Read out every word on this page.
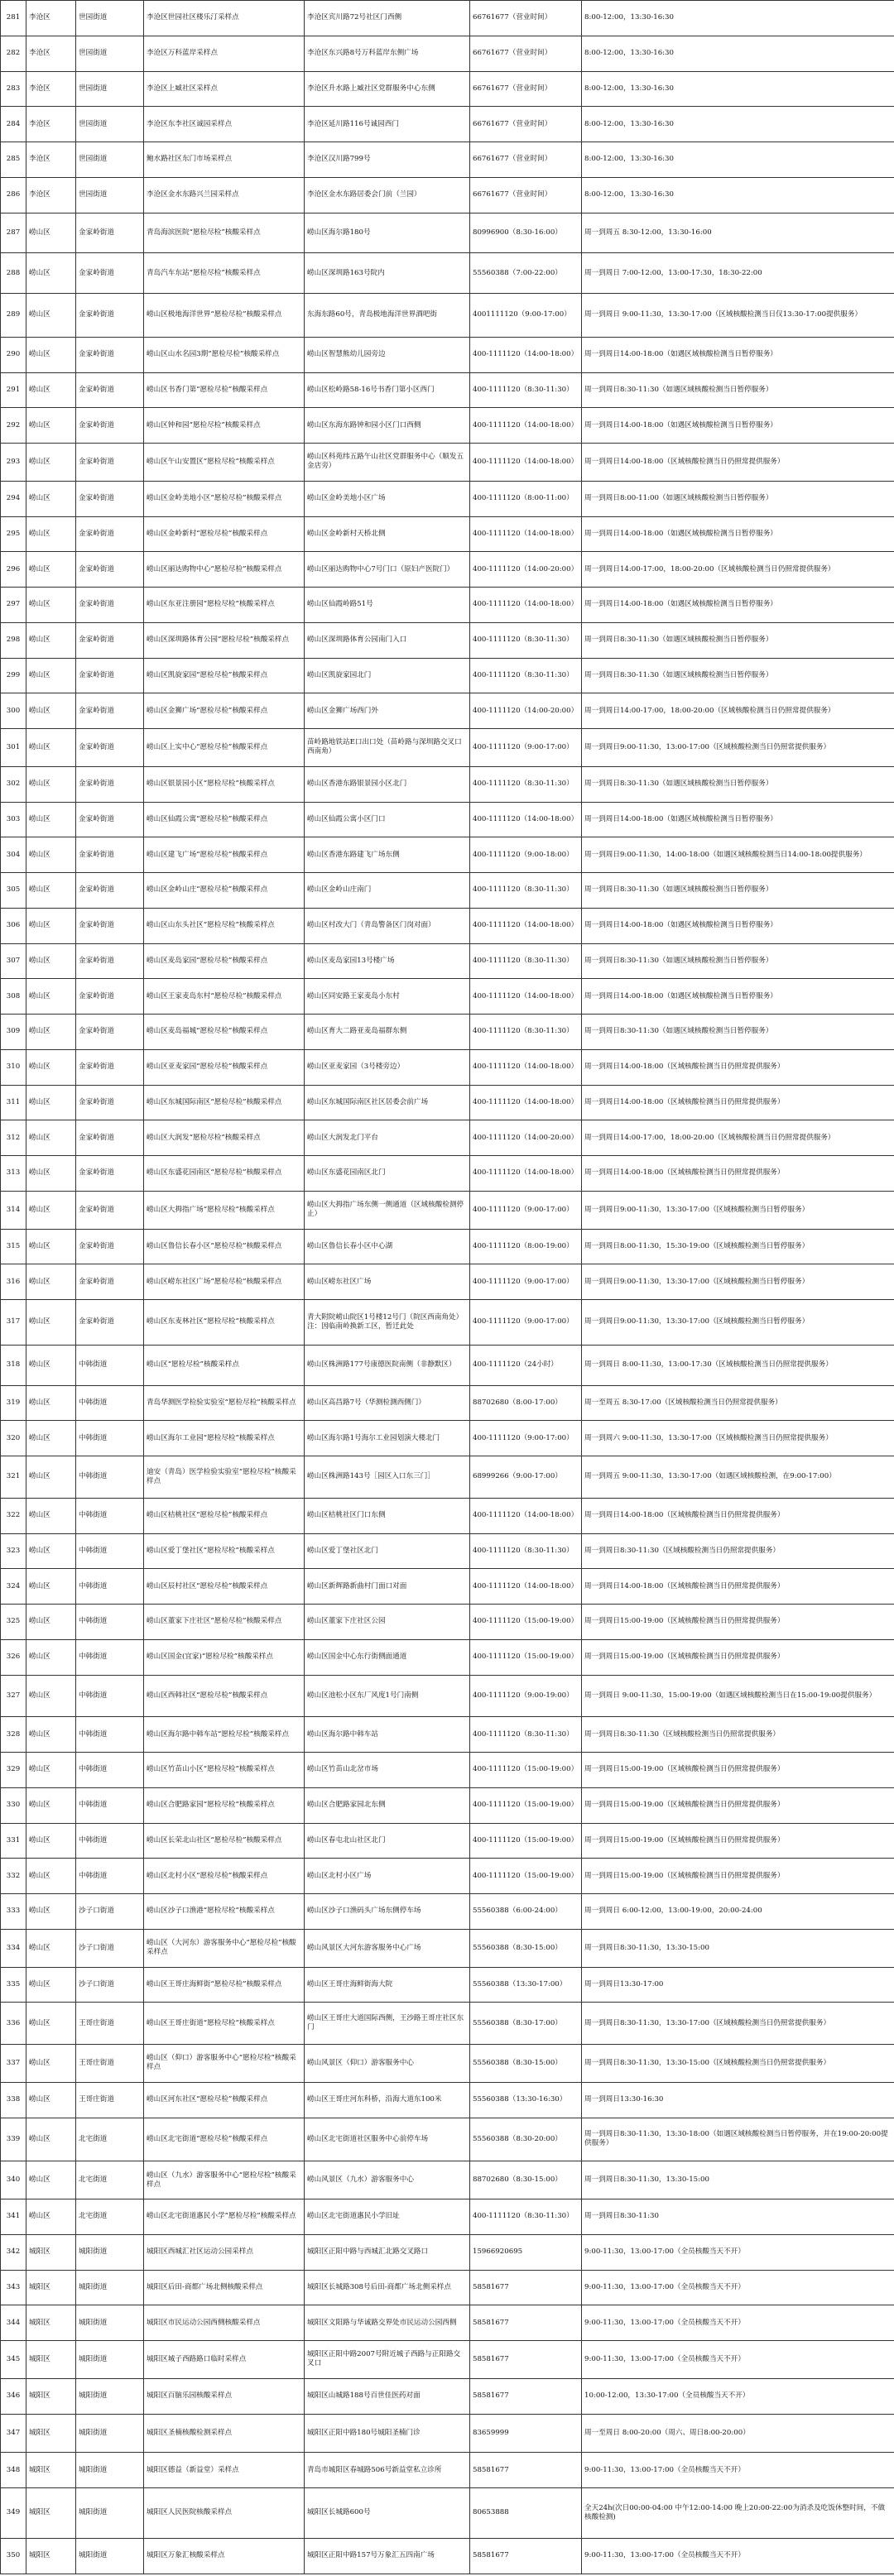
281	李沧区	世园街道	李沧区世园社区楼乐汀采样点	李沧区宾川路72号社区门西侧	66761677（营业时间）	8:00-12:00，13:30-16:30
282	李沧区	世园街道	李沧区万科蓝岸采样点	李沧区东兴路8号万科蓝岸东侧广场	66761677（营业时间）	8:00-12:00，13:30-16:30
283	李沧区	世园街道	李沧区上臧社区采样点	李沧区升水路上臧社区党群服务中心东侧	66761677（营业时间）	8:00-12:00，13:30-16:30
284	李沧区	世园街道	李沧区东李社区诚园采样点	李沧区延川路116号诚园西门	66761677（营业时间）	8:00-12:00，13:30-16:30
285	李沧区	世园街道	鲍水路社区东门市场采样点	李沧区汉川路799号	66761677（营业时间）	8:00-12:00，13:30-16:30
286	李沧区	世园街道	李沧区金水东路兴兰园采样点	李沧区金水东路居委会门前（兰园）	66761677（营业时间）	8:00-12:00，13:30-16:30
287	崂山区	金家岭街道	青岛海滨医院“愿检尽检”核酸采样点	崂山区海尔路180号	80996900（8:30-16:00）	周一到周五 8:30-12:00，13:30-16:00
288	崂山区	金家岭街道	青岛汽车东站“愿检尽检”核酸采样点	崂山区深圳路163号院内	55560388（7:00-22:00）	周一到周日 7:00-12:00，13:00-17:30，18:30-22:00
289	崂山区	金家岭街道	崂山区极地海洋世界“愿检尽检”核酸采样点	东海东路60号，青岛极地海洋世界酒吧街	4001111120（9:00-17:00）	周一到周日 9:00-11:30，13:30-17:00（区域核酸检测当日仅13:30-17:00提供服务）
290	崂山区	金家岭街道	崂山区山水名园3期“愿检尽检”核酸采样点	崂山区智慧熊幼儿园旁边	400-1111120（14:00-18:00）	周一到周日14:00-18:00（如遇区域核酸检测当日暂停服务）
291	崂山区	金家岭街道	崂山区书香门第“愿检尽检”核酸采样点	崂山区松岭路58-16号书香门第小区西门	400-1111120（8:30-11:30）	周一到周日8:30-11:30（如遇区域核酸检测当日暂停服务）
292	崂山区	金家岭街道	崂山区钟和园“愿检尽检”核酸采样点	崂山区东海东路钟和园小区门口西侧	400-1111120（14:00-18:00）	周一到周日14:00-18:00（如遇区域核酸检测当日暂停服务）
293	崂山区	金家岭街道	崂山区午山安置区“愿检尽检”核酸采样点	崂山区科苑纬五路午山社区党群服务中心（顺发五金店旁）	400-1111120（14:00-18:00）	周一到周日14:00-18:00（区域核酸检测当日仍照常提供服务）
294	崂山区	金家岭街道	崂山区金岭美地小区“愿检尽检”核酸采样点	崂山区金岭美地小区广场	400-1111120（8:00-11:00）	周一到周日8:00-11:00（如遇区域核酸检测当日暂停服务）
295	崂山区	金家岭街道	崂山区金岭新村“愿检尽检”核酸采样点	崂山区金岭新村天桥北侧	400-1111120（14:00-18:00）	周一到周日14:00-18:00（如遇区域核酸检测当日暂停服务）
296	崂山区	金家岭街道	崂山区丽达购物中心“愿检尽检”核酸采样点	崂山区丽达购物中心7号门口（原妇产医院门）	400-1111120（14:00-20:00）	周一到周日14:00-17:00，18:00-20:00（区域核酸检测当日仍照常提供服务）
297	崂山区	金家岭街道	崂山区东亚注册园“愿检尽检”核酸采样点	崂山区仙霞岭路51号	400-1111120（14:00-18:00）	周一到周日14:00-18:00（如遇区域核酸检测当日暂停服务）
298	崂山区	金家岭街道	崂山区深圳路体育公园“愿检尽检”核酸采样点	崂山区深圳路体育公园南门入口	400-1111120（8:30-11:30）	周一到周日8:30-11:30（如遇区域核酸检测当日暂停服务）
299	崂山区	金家岭街道	崂山区凯旋家园“愿检尽检”核酸采样点	崂山区凯旋家园北门	400-1111120（8:30-11:30）	周一到周日8:30-11:30（如遇区域核酸检测当日暂停服务）
300	崂山区	金家岭街道	崂山区金狮广场“愿检尽检”核酸采样点	崂山区金狮广场西门外	400-1111120（14:00-20:00）	周一到周日14:00-17:00，18:00-20:00（区域核酸检测当日仍照常提供服务）
301	崂山区	金家岭街道	崂山区上实中心“愿检尽检”核酸采样点	苗岭路地铁站E口出口处（苗岭路与深圳路交叉口西南角）	400-1111120（9:00-17:00）	周一到周日9:00-11:30，13:00-17:00（区域核酸检测当日仍照常提供服务）
302	崂山区	金家岭街道	崂山区银景园小区“愿检尽检”核酸采样点	崂山区香港东路银景园小区北门	400-1111120（8:30-11:30）	周一到周日8:30-11:30（如遇区域核酸检测当日暂停服务）
303	崂山区	金家岭街道	崂山区仙霞公寓“愿检尽检”核酸采样点	崂山区仙霞公寓小区门口	400-1111120（14:00-18:00）	周一到周日14:00-18:00（如遇区域核酸检测当日暂停服务）
304	崂山区	金家岭街道	崂山区建飞广场“愿检尽检”核酸采样点	崂山区香港东路建飞广场东侧	400-1111120（9:00-18:00）	周一到周日9:00-11:30，14:00-18:00（如遇区域核酸检测当日14:00-18:00提供服务）
305	崂山区	金家岭街道	崂山区金岭山庄“愿检尽检”核酸采样点	崂山区金岭山庄南门	400-1111120（8:30-11:30）	周一到周日8:30-11:30（如遇区域核酸检测当日暂停服务）
306	崂山区	金家岭街道	崂山区山东头社区“愿检尽检”核酸采样点	崂山区村改大门（青岛警备区门岗对面）	400-1111120（14:00-18:00）	周一到周日14:00-18:00（如遇区域核酸检测当日暂停服务）
307	崂山区	金家岭街道	崂山区麦岛家园“愿检尽检”核酸采样点	崂山区麦岛家园13号楼广场	400-1111120（8:30-11:30）	周一到周日8:30-11:30（如遇区域核酸检测当日暂停服务）
308	崂山区	金家岭街道	崂山区王家麦岛东村“愿检尽检”核酸采样点	崂山区同安路王家麦岛小东村	400-1111120（14:00-18:00）	周一到周日14:00-18:00（如遇区域核酸检测当日暂停服务）
309	崂山区	金家岭街道	崂山区麦岛福城“愿检尽检”核酸采样点	崂山区育大二路亚麦岛福群东侧	400-1111120（8:30-11:30）	周一到周日8:30-11:30（如遇区域核酸检测当日暂停服务）
310	崂山区	金家岭街道	崂山区亚麦家园“愿检尽检”核酸采样点	崂山区亚麦家园（3号楼旁边）	400-1111120（14:00-18:00）	周一到周日14:00-18:00（区域核酸检测当日仍照常提供服务）
311	崂山区	金家岭街道	崂山区东城国际南区“愿检尽检”核酸采样点	崂山区东城国际南区社区居委会前广场	400-1111120（14:00-18:00）	周一到周日14:00-18:00（区域核酸检测当日仍照常提供服务）
312	崂山区	金家岭街道	崂山区大润发“愿检尽检”核酸采样点	崂山区大润发北门平台	400-1111120（14:00-20:00）	周一到周日14:00-17:00，18:00-20:00（区域核酸检测当日仍照常提供服务）
313	崂山区	金家岭街道	崂山区东盛花园南区“愿检尽检”核酸采样点	崂山区东盛花园南区北门	400-1111120（14:00-18:00）	周一到周日14:00-18:00（区域核酸检测当日仍照常提供服务）
314	崂山区	金家岭街道	崂山区大拇指广场“愿检尽检”核酸采样点	崂山区大拇指广场东侧一侧通道（区域核酸检测停止）	400-1111120（9:00-17:00）	周一到周日9:00-11:30，13:30-17:00（区域核酸检测当日暂停服务）
315	崂山区	金家岭街道	崂山区鲁信长春小区“愿检尽检”核酸采样点	崂山区鲁信长春小区中心湖	400-1111120（8:00-19:00）	周一到周日8:00-11:30，15:30-19:00（区域核酸检测当日暂停服务）
316	崂山区	金家岭街道	崂山区崂东社区广场“愿检尽检”核酸采样点	崂山区崂东社区广场	400-1111120（9:00-17:00）	周一到周日9:00-11:30，13:30-17:00（区域核酸检测当日暂停服务）
317	崂山区	金家岭街道	崂山区东麦林社区“愿检尽检”核酸采样点	青大附院崂山院区1号楼12号门（院区西南角处）注：因临南岭换新工区，暂迁此处	400-1111120（9:00-17:00）	周一到周日9:00-11:30，13:30-17:00（区域核酸检测当日暂停服务）
318	崂山区	中韩街道	崂山区“愿检尽检”核酸采样点	崂山区株洲路177号康德医院南侧（非静默区）	400-1111120（24小时）	周一到周日 8:00-11:30，13:00-17:30（区域核酸检测当日仍照常提供服务）
319	崂山区	中韩街道	青岛华测医学检验实验室“愿检尽检”核酸采样点	崂山区高昌路7号（华测检测西侧门）	88702680（8:00-17:00）	周一至周五 8:30-17:00（区域核酸检测当日仍照常提供服务）
320	崂山区	中韩街道	崂山区海尔工业园“愿检尽检”核酸采样点	崂山区海尔路1号海尔工业园划演大楼北门	400-1111120（9:00-17:00）	周一到周六 9:00-11:30，13:30-17:00（区域核酸检测当日仍照常提供服务）
321	崂山区	中韩街道	迪安（青岛）医学检验实验室“愿检尽检”核酸采样点	崂山区株洲路143号［园区入口东三门］	68999266（9:00-17:00）	周一到周五 9:00-11:30，13:30-17:00（如遇区域核酸检测，在9:00-17:00）
322	崂山区	中韩街道	崂山区桔桃社区“愿检尽检”核酸采样点	崂山区桔桃社区门口东侧	400-1111120（14:00-18:00）	周一到周日14:00-18:00（区域核酸检测当日仍照常提供服务）
323	崂山区	中韩街道	崂山区爱丁堡社区“愿检尽检”核酸采样点	崂山区爱丁堡社区北门	400-1111120（8:30-11:30）	周一到周日8:30-11:30（区域核酸检测当日仍照常提供服务）
324	崂山区	中韩街道	崂山区辰村社区“愿检尽检”核酸采样点	崂山区新辉路新曲村门面口对面	400-1111120（14:00-18:00）	周一到周日14:00-18:00（区域核酸检测当日仍照常提供服务）
325	崂山区	中韩街道	崂山区董家下庄社区“愿检尽检”核酸采样点	崂山区董家下庄社区公园	400-1111120（15:00-19:00）	周一到周日15:00-19:00（区域核酸检测当日仍照常提供服务）
326	崂山区	中韩街道	崂山区国金(宜家)“愿检尽检”核酸采样点	崂山区国金中心东行街侧面通道	400-1111120（15:00-19:00）	周一到周日15:00-19:00（区域核酸检测当日仍照常提供服务）
327	崂山区	中韩街道	崂山区西韩社区“愿检尽检”核酸采样点	崂山区池松小区东厂风度1号门南侧	400-1111120（9:00-19:00）	周一到周日 9:00-11:30，15:00-19:00（如遇区域核酸检测当日在15:00-19:00提供服务）
328	崂山区	中韩街道	崂山区海尔路中韩车站“愿检尽检”核酸采样点	崂山区海尔路中韩车站	400-1111120（8:30-11:30）	周一到周日8:30-11:30（区域核酸检测当日仍照常提供服务）
329	崂山区	中韩街道	崂山区竹苗山小区“愿检尽检”核酸采样点	崂山区竹苗山北岔市场	400-1111120（15:00-19:00）	周一到周日15:00-19:00（区域核酸检测当日仍照常提供服务）
330	崂山区	中韩街道	崂山区合肥路家园“愿检尽检”核酸采样点	崂山区合肥路家园北东侧	400-1111120（15:00-19:00）	周一到周日15:00-19:00（区域核酸检测当日仍照常提供服务）
331	崂山区	中韩街道	崂山区长荣北山社区“愿检尽检”核酸采样点	崂山区春屯北山社区北门	400-1111120（15:00-19:00）	周一到周日15:00-19:00（区域核酸检测当日仍照常提供服务）
332	崂山区	中韩街道	崂山区北村小区“愿检尽检”核酸采样点	崂山区北村小区广场	400-1111120（15:00-19:00）	周一到周日15:00-19:00（区域核酸检测当日仍照常提供服务）
333	崂山区	沙子口街道	崂山区沙子口渔港“愿检尽检”核酸采样点	崂山区沙子口渔码头广场东侧停车场	55560388（6:00-24:00）	周一到周日 6:00-12:00，13:00-19:00，20:00-24:00
334	崂山区	沙子口街道	崂山区（大河东）游客服务中心“愿检尽检”核酸采样点	崂山风景区大河东游客服务中心广场	55560388（8:30-15:00）	周一到周日8:30-11:30，13:30-15:00
335	崂山区	沙子口街道	崂山区王哥庄海鲜街“愿检尽检”核酸采样点	崂山区王哥庄海鲜街海大院	55560388（13:30-17:00）	周一到周日13:30-17:00
336	崂山区	王哥庄街道	崂山区王哥庄街道“愿检尽检”核酸采样点	崂山区王哥庄大道国际西侧，王沙路王哥庄社区东门	55560388（8:30-17:00）	周一到周日8:30-11:30，13:30-17:00（区域核酸检测当日仍照常提供服务）
337	崂山区	王哥庄街道	崂山区（仰口）游客服务中心“愿检尽检”核酸采样点	崂山风景区（仰口）游客服务中心	55560388（8:30-15:00）	周一到周日8:30-11:30，13:30-15:00（区域核酸检测当日仍照常提供服务）
338	崂山区	王哥庄街道	崂山区河东社区“愿检尽检”核酸采样点	崂山区王哥庄河东科桥，沿海大道东100米	55560388（13:30-16:30）	周一到周日13:30-16:30
339	崂山区	北宅街道	崂山区北宅街道“愿检尽检”核酸采样点	崂山区北宅街道社区服务中心前停车场	55560388（8:30-20:00）	周一到周日8:30-11:30，13:30-18:00（如遇区域核酸检测当日暂停服务，并在19:00-20:00提供服务）
340	崂山区	北宅街道	崂山区（九水）游客服务中心“愿检尽检”核酸采样点	崂山风景区（九水）游客服务中心	88702680（8:30-15:00）	周一到周日8:30-11:30，13:30-15:00
341	崂山区	北宅街道	崂山区北宅街道惠民小学“愿检尽检”核酸采样点	崂山区北宅街道惠民小学旧址	400-1111120（8:30-11:30）	周一到周日8:30-11:30
342	城阳区	城阳街道	城阳区西城汇社区运动公园采样点	城阳区正阳中路与西城汇北路交叉路口	15966920695	9:00-11:30，13:00-17:00（全员核酸当天不开）
343	城阳区	城阳街道	城阳区后田-商都广场北侧核酸采样点	城阳区长城路308号后田-商都广场北侧采样点	58581677	9:00-11:30，13:00-17:00（全员核酸当天不开）
344	城阳区	城阳街道	城阳区市民运动公园西侧核酸采样点	城阳区文阳路与华诚路交界处市民运动公园西侧	58581677	9:00-11:30，13:00-17:00（全员核酸当天不开）
345	城阳区	城阳街道	城阳区城子西路路口临时采样点	城阳区正阳中路2007号附近城子西路与正阳路交叉口	58581677	9:00-11:30，13:00-17:00（全员核酸当天不开）
346	城阳区	城阳街道	城阳区百脑乐园核酸采样点	城阳区山城路188号百世佳医药对面	58581677	10:00-12:00，13:30-17:00（全员核酸当天不开）
347	城阳区	城阳街道	城阳区圣楠核酸检测采样点	城阳区正阳中路180号城阳圣楠门诊	83659999	周一至周日 8:00-20:00（周六、周日8:00-20:00）
348	城阳区	城阳街道	城阳区德益（新益堂）采样点	青岛市城阳区春城路506号新益堂私立诊所	58581677	9:00-11:30，13:00-17:00（全员核酸当天不开）
349	城阳区	城阳街道	城阳区人民医院核酸采样点	城阳区长城路600号	80653888	全天24h(次日00:00-04:00 中午12:00-14:00 晚上20:00-22:00为消杀及吃饭休整时间，不做核酸检测)
350	城阳区	城阳街道	城阳区万象汇核酸采样点	城阳区正阳中路157号万象汇五四南广场	58581677	9:00-11:30，13:00-17:00（全员核酸当天不开）
